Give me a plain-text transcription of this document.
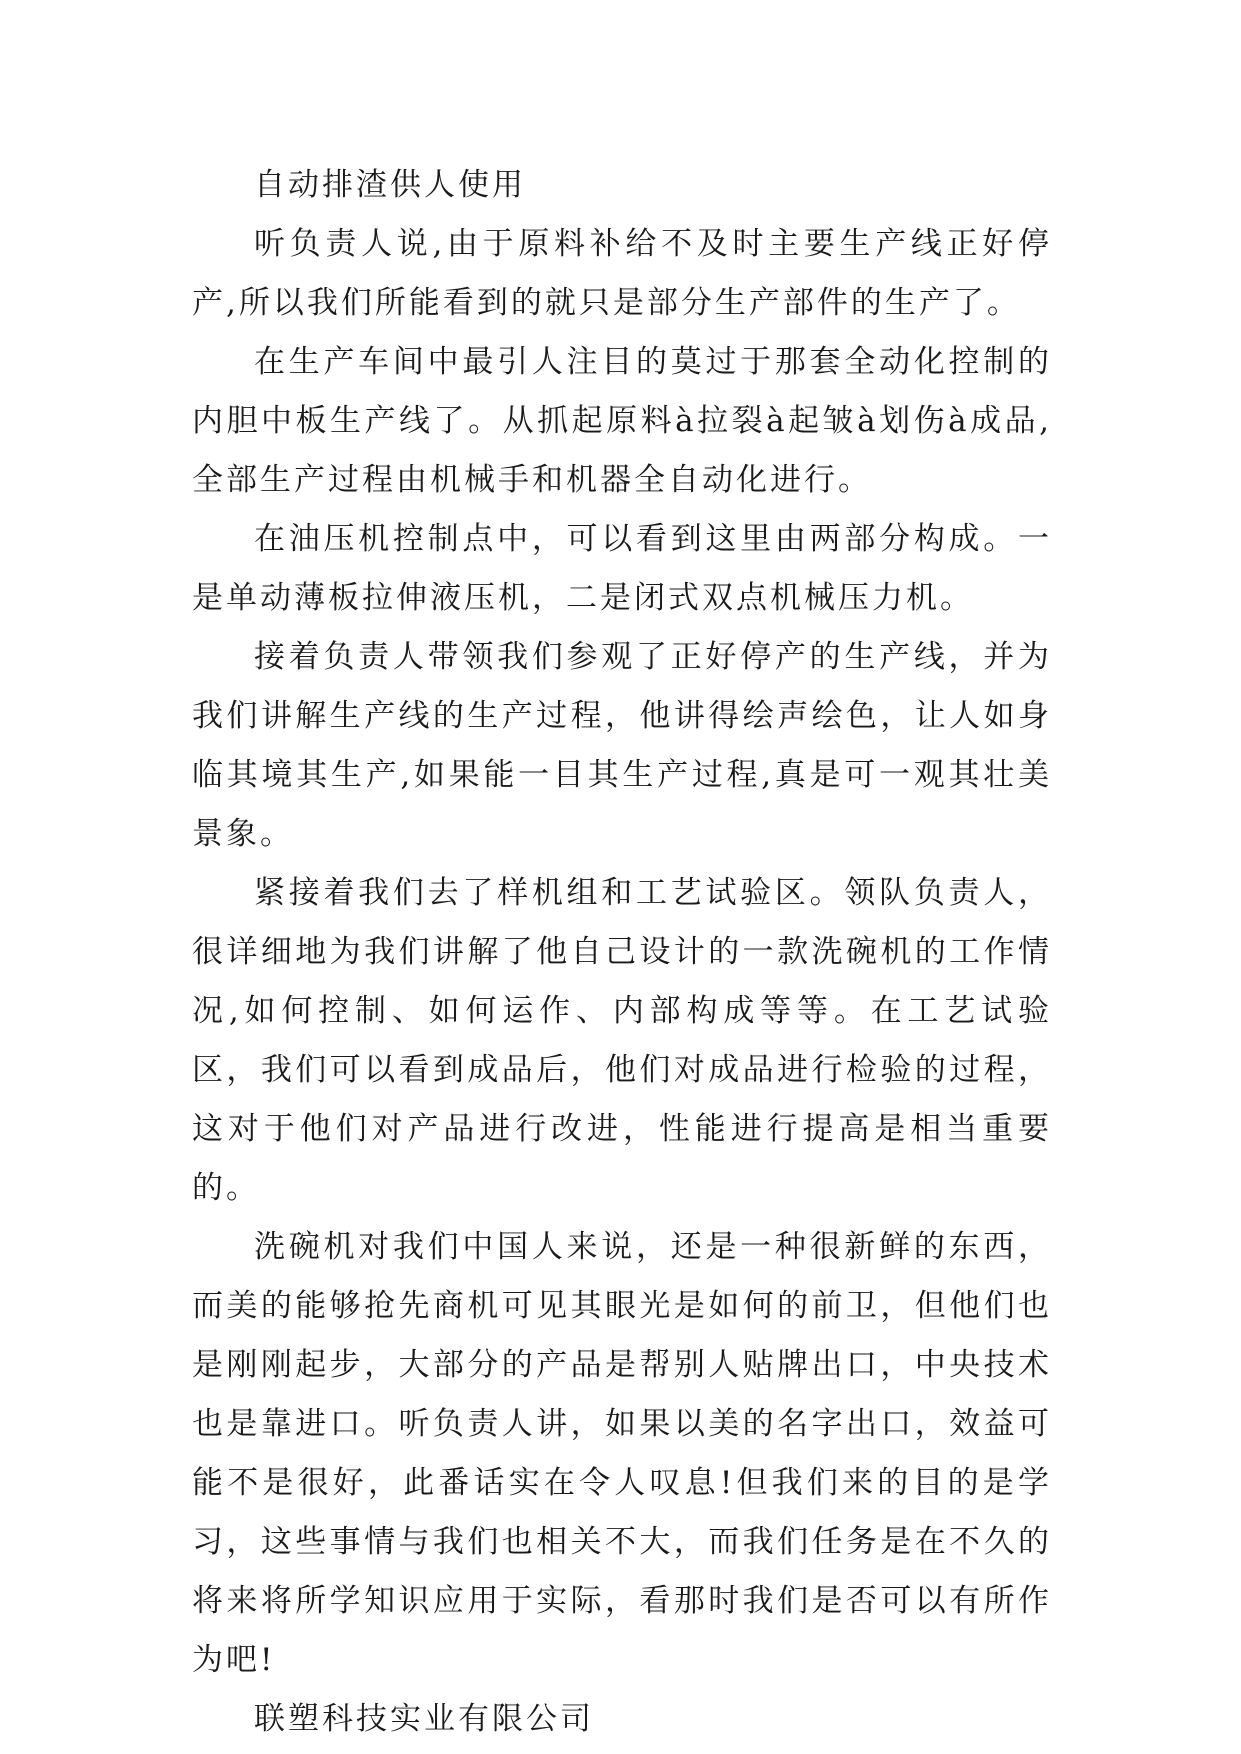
自动排渣供人使用

听负责人说,由于原料补给不及时主要生产线正好停产,所以我们所能看到的就只是部分生产部件的生产了。

在生产车间中最引人注目的莫过于那套全动化控制的内胆中板生产线了。从抓起原料à拉裂à起皱à划伤à成品,全部生产过程由机械手和机器全自动化进行。

在油压机控制点中，可以看到这里由两部分构成。一是单动薄板拉伸液压机，二是闭式双点机械压力机。

接着负责人带领我们参观了正好停产的生产线，并为我们讲解生产线的生产过程，他讲得绘声绘色，让人如身临其境其生产,如果能一目其生产过程,真是可一观其壮美景象。

紧接着我们去了样机组和工艺试验区。领队负责人，很详细地为我们讲解了他自己设计的一款洗碗机的工作情况,如何控制、如何运作、内部构成等等。在工艺试验区，我们可以看到成品后，他们对成品进行检验的过程，这对于他们对产品进行改进，性能进行提高是相当重要的。

洗碗机对我们中国人来说，还是一种很新鲜的东西，而美的能够抢先商机可见其眼光是如何的前卫，但他们也是刚刚起步，大部分的产品是帮别人贴牌出口，中央技术也是靠进口。听负责人讲，如果以美的名字出口，效益可能不是很好，此番话实在令人叹息!但我们来的目的是学习，这些事情与我们也相关不大，而我们任务是在不久的将来将所学知识应用于实际，看那时我们是否可以有所作为吧!

联塑科技实业有限公司
